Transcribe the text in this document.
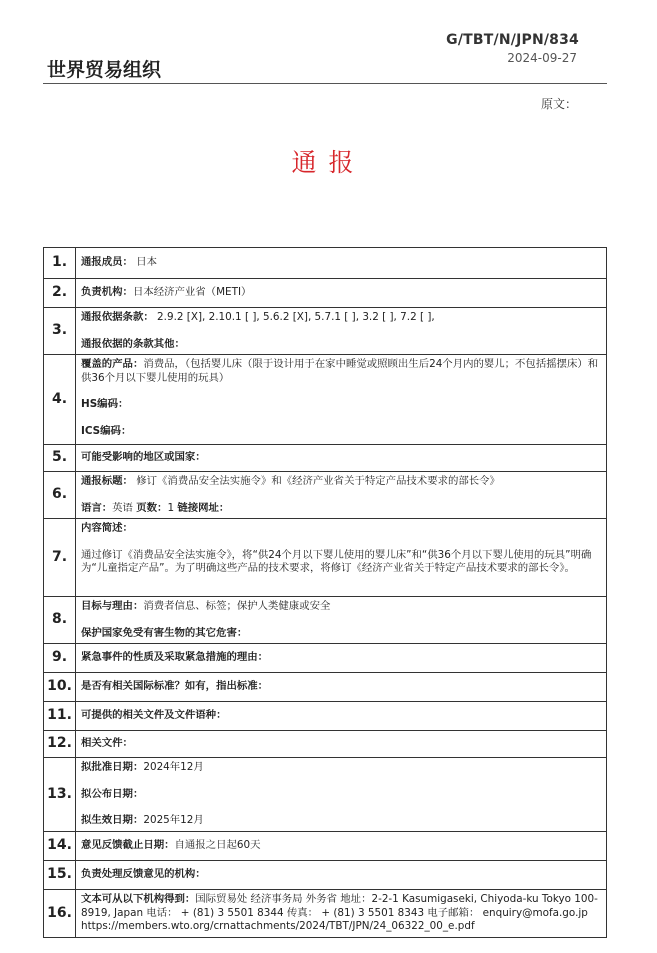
G/TBT/N/JPN/834
2024-09-27
世界贸易组织
原文：
通报
1.	通报成员： 日本
2.	负责机构：日本经济产业省（METI）
3.	通报依据条款： 2.9.2 [X], 2.10.1 [ ], 5.6.2 [X], 5.7.1 [ ], 3.2 [ ], 7.2 [ ],
通报依据的条款其他：

4.	覆盖的产品：消费品，（包括婴儿床（限于设计用于在家中睡觉或照顾出生后24个月内的婴儿；不包括摇摆床）和供36个月以下婴儿使用的玩具）
HS编码：
ICS编码：

5.	可能受影响的地区或国家：
6.	通报标题： 修订《消费品安全法实施令》和《经济产业省关于特定产品技术要求的部长令》
语言：英语 页数：1 链接网址：

7.	内容简述：
通过修订《消费品安全法实施令》，将“供24个月以下婴儿使用的婴儿床”和“供36个月以下婴儿使用的玩具”明确为“儿童指定产品”。为了明确这些产品的技术要求，将修订《经济产业省关于特定产品技术要求的部长令》。

8.	目标与理由：消费者信息、标签；保护人类健康或安全
保护国家免受有害生物的其它危害：

9.	紧急事件的性质及采取紧急措施的理由：
10.	是否有相关国际标准？如有，指出标准：
11.	可提供的相关文件及文件语种：
12.	相关文件：
13.	拟批准日期：2024年12月
拟公布日期：
拟生效日期：2025年12月

14.	意见反馈截止日期：自通报之日起60天
15.	负责处理反馈意见的机构：
16.	文本可从以下机构得到：国际贸易处 经济事务局 外务省 地址：2-2-1 Kasumigaseki, Chiyoda-ku Tokyo 100-8919, Japan 电话： + (81) 3 5501 8344 传真： + (81) 3 5501 8343 电子邮箱： enquiry@mofa.go.jp https://members.wto.org/crnattachments/2024/TBT/JPN/24_06322_00_e.pdf
